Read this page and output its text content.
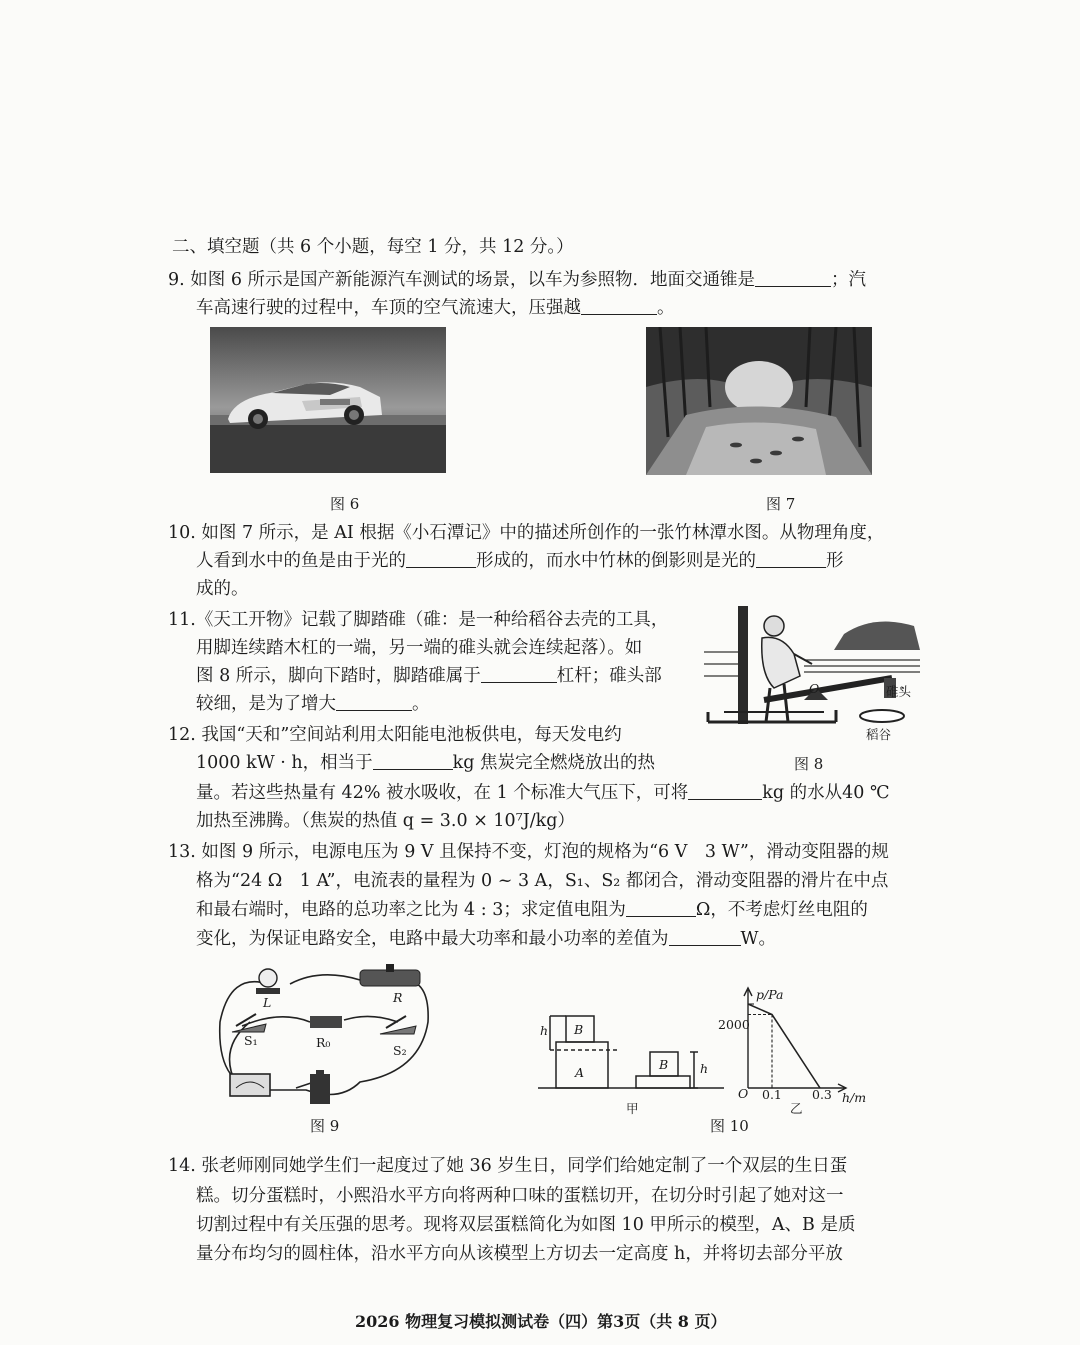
二、填空题（共 6 个小题，每空 1 分，共 12 分。）
9. 如图 6 所示是国产新能源汽车测试的场景，以车为参照物．地面交通锥是	；汽
车高速行驶的过程中，车顶的空气流速大，压强越	。
图 6	图 7
10. 如图 7 所示，是 AI 根据《小石潭记》中的描述所创作的一张竹林潭水图。从物理角度，
人看到水中的鱼是由于光的	形成的，而水中竹林的倒影则是光的	形
成的。
11.《天工开物》记载了脚踏碓（碓：是一种给稻谷去壳的工具，
用脚连续踏木杠的一端，另一端的碓头就会连续起落）。如
图 8 所示，脚向下踏时，脚踏碓属于	杠杆；碓头部
较细，是为了增大	。
O	碓头
稻谷
图 8
12. 我国“天和”空间站利用太阳能电池板供电，每天发电约
1000 kW · h，相当于	kg 焦炭完全燃烧放出的热
量。若这些热量有 42% 被水吸收，在 1 个标准大气压下，可将	kg 的水从40 ℃
加热至沸腾。（焦炭的热值 q = 3.0 × 10⁷J/kg）
13. 如图 9 所示，电源电压为 9 V 且保持不变，灯泡的规格为“6 V　3 W”，滑动变阻器的规
格为“24 Ω　1 A”，电流表的量程为 0 ~ 3 A，S₁、S₂ 都闭合，滑动变阻器的滑片在中点
和最右端时，电路的总功率之比为 4 : 3；求定值电阻为	Ω，不考虑灯丝电阻的
变化，为保证电路安全，电路中最大功率和最小功率的差值为	W。
L	R
S₁	R₀
S₂
图 9
B
A
B
h
h
甲
p/Pa
2000
O 0.1 0.3 h/m
乙
图 10
14. 张老师刚同她学生们一起度过了她 36 岁生日，同学们给她定制了一个双层的生日蛋
糕。切分蛋糕时，小熙沿水平方向将两种口味的蛋糕切开，在切分时引起了她对这一
切割过程中有关压强的思考。现将双层蛋糕简化为如图 10 甲所示的模型，A、B 是质
量分布均匀的圆柱体，沿水平方向从该模型上方切去一定高度 h，并将切去部分平放
2026 物理复习模拟测试卷（四）第3页（共 8 页）
